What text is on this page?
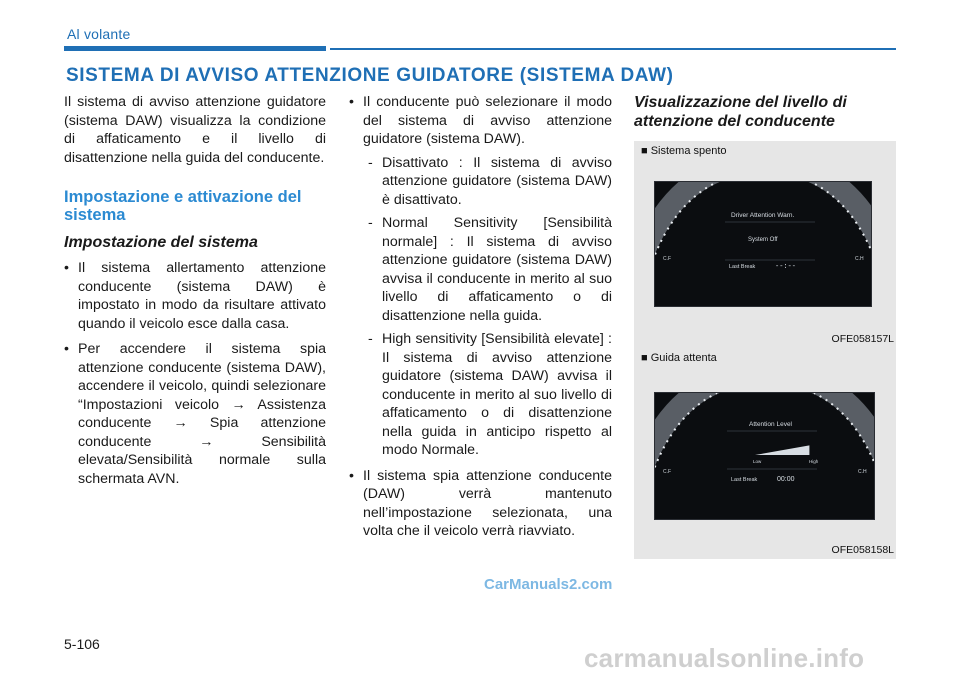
Al volante
SISTEMA DI AVVISO ATTENZIONE GUIDATORE (SISTEMA DAW)

Il sistema di avviso attenzione guidatore (sistema DAW) visualizza la condizione di affaticamento e il livello di disattenzione nella guida del conducente.

Impostazione e attivazione del sistema
Impostazione del sistema
• Il sistema allertamento attenzione conducente (sistema DAW) è impostato in modo da risultare attivato quando il veicolo esce dalla casa.
• Per accendere il sistema spia attenzione conducente (sistema DAW), accendere il veicolo, quindi selezionare “Impostazioni veicolo → Assistenza conducente → Spia attenzione conducente → Sensibilità elevata/Sensibilità normale sulla schermata AVN.
• Il conducente può selezionare il modo del sistema di avviso attenzione guidatore (sistema DAW).
- Disattivato : Il sistema di avviso attenzione guidatore (sistema DAW) è disattivato.
- Normal Sensitivity [Sensibilità normale] : Il sistema di avviso attenzione guidatore (sistema DAW) avvisa il conducente in merito al suo livello di affaticamento o di disattenzione nella guida.
- High sensitivity [Sensibilità elevate] : Il sistema di avviso attenzione guidatore (sistema DAW) avvisa il conducente in merito al suo livello di affaticamento o di disattenzione nella guida in anticipo rispetto al modo Normale.
• Il sistema spia attenzione conducente (DAW) verrà mantenuto nell’impostazione selezionata, una volta che il veicolo verrà riavviato.
Visualizzazione del livello di attenzione del conducente
■ Sistema spento
C.F	C.H
Driver Attention Warn.
System Off
Last Break	--:--
OFE058157L
■ Guida attenta
C.F	C.H
Attention Level
Low	High
Last Break	00:00
OFE058158L
CarManuals2.com
5-106	carmanualsonline.info
